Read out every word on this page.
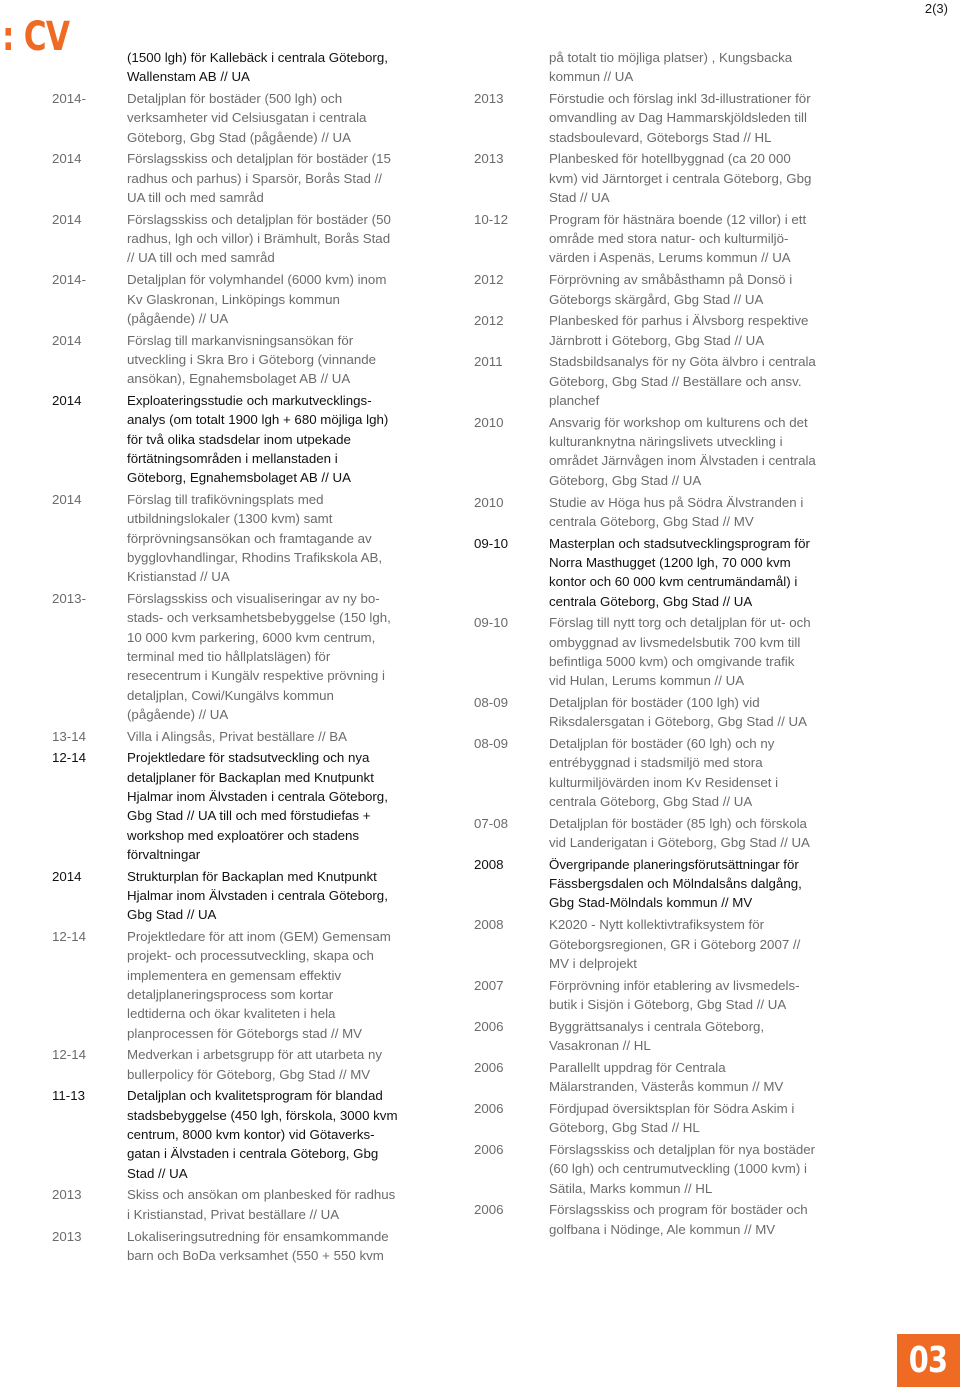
: CV
2(3)
(1500 lgh) för Kallebäck i centrala Göteborg,
Wallenstam AB // UA
2014-	Detaljplan för bostäder (500 lgh) och
verksamheter vid Celsiusgatan i centrala
Göteborg, Gbg Stad (pågående) // UA
2014	Förslagsskiss och detaljplan för bostäder (15
radhus och parhus) i Sparsör, Borås Stad //
UA till och med samråd
2014	Förslagsskiss och detaljplan för bostäder (50
radhus, lgh och villor) i Brämhult, Borås Stad
// UA till och med samråd
2014-	Detaljplan för volymhandel (6000 kvm) inom
Kv Glaskronan, Linköpings kommun
(pågående) // UA
2014	Förslag till markanvisningsansökan för
utveckling i Skra Bro i Göteborg (vinnande
ansökan), Egnahemsbolaget AB // UA
2014	Exploateringsstudie och markutvecklings-
analys (om totalt 1900 lgh + 680 möjliga lgh)
för två olika stadsdelar inom utpekade
förtätningsområden i mellanstaden i
Göteborg, Egnahemsbolaget AB // UA
2014	Förslag till trafikövningsplats med
utbildningslokaler (1300 kvm) samt
förprövningsansökan och framtagande av
bygglovhandlingar, Rhodins Trafikskola AB,
Kristianstad // UA
2013-	Förslagsskiss och visualiseringar av ny bo-
stads- och verksamhetsbebyggelse (150 lgh,
10 000 kvm parkering, 6000 kvm centrum,
terminal med tio hållplatslägen) för
resecentrum i Kungälv respektive prövning i
detaljplan, Cowi/Kungälvs kommun
(pågående) // UA
13-14	Villa i Alingsås, Privat beställare // BA
12-14	Projektledare för stadsutveckling och nya
detaljplaner för Backaplan med Knutpunkt
Hjalmar inom Älvstaden i centrala Göteborg,
Gbg Stad // UA till och med förstudiefas +
workshop med exploatörer och stadens
förvaltningar
2014	Strukturplan för Backaplan med Knutpunkt
Hjalmar inom Älvstaden i centrala Göteborg,
Gbg Stad // UA
12-14	Projektledare för att inom (GEM) Gemensam
projekt- och processutveckling, skapa och
implementera en gemensam effektiv
detaljplaneringsprocess som kortar
ledtiderna och ökar kvaliteten i hela
planprocessen för Göteborgs stad // MV
12-14	Medverkan i arbetsgrupp för att utarbeta ny
bullerpolicy för Göteborg, Gbg Stad // MV
11-13	Detaljplan och kvalitetsprogram för blandad
stadsbebyggelse (450 lgh, förskola, 3000 kvm
centrum, 8000 kvm kontor) vid Götaverks-
gatan i Älvstaden i centrala Göteborg, Gbg
Stad // UA
2013	Skiss och ansökan om planbesked för radhus
i Kristianstad, Privat beställare // UA
2013	Lokaliseringsutredning för ensamkommande
barn och BoDa verksamhet (550 + 550 kvm
på totalt tio möjliga platser) , Kungsbacka
kommun // UA
2013	Förstudie och förslag inkl 3d-illustrationer för
omvandling av Dag Hammarskjöldsleden till
stadsboulevard, Göteborgs Stad // HL
2013	Planbesked för hotellbyggnad (ca 20 000
kvm) vid Järntorget i centrala Göteborg, Gbg
Stad // UA
10-12	Program för hästnära boende (12 villor) i ett
område med stora natur- och kulturmiljö-
värden i Aspenäs, Lerums kommun // UA
2012	Förprövning av småbåsthamn på Donsö i
Göteborgs skärgård, Gbg Stad // UA
2012	Planbesked för parhus i Älvsborg respektive
Järnbrott i Göteborg, Gbg Stad // UA
2011	Stadsbildsanalys för ny Göta älvbro i centrala
Göteborg, Gbg Stad // Beställare och ansv.
planchef
2010	Ansvarig för workshop om kulturens och det
kulturanknytna näringslivets utveckling i
området Järnvågen inom Älvstaden i centrala
Göteborg, Gbg Stad // UA
2010	Studie av Höga hus på Södra Älvstranden i
centrala Göteborg, Gbg Stad // MV
09-10	Masterplan och stadsutvecklingsprogram för
Norra Masthugget (1200 lgh, 70 000 kvm
kontor och 60 000 kvm centrumändamål) i
centrala Göteborg, Gbg Stad // UA
09-10	Förslag till nytt torg och detaljplan för ut- och
ombyggnad av livsmedelsbutik 700 kvm till
befintliga 5000 kvm) och omgivande trafik
vid Hulan, Lerums kommun // UA
08-09	Detaljplan för bostäder (100 lgh) vid
Riksdalersgatan i Göteborg, Gbg Stad // UA
08-09	Detaljplan för bostäder (60 lgh) och ny
entrébyggnad i stadsmiljö med stora
kulturmiljövärden inom Kv Residenset i
centrala Göteborg, Gbg Stad // UA
07-08	Detaljplan för bostäder (85 lgh) och förskola
vid Landerigatan i Göteborg, Gbg Stad // UA
2008	Övergripande planeringsförutsättningar för
Fässbergsdalen och Mölndalsåns dalgång,
Gbg Stad-Mölndals kommun // MV
2008	K2020 - Nytt kollektivtrafiksystem för
Göteborgsregionen, GR i Göteborg 2007 //
MV i delprojekt
2007	Förprövning inför etablering av livsmedels-
butik i Sisjön i Göteborg, Gbg Stad // UA
2006	Byggrättsanalys i centrala Göteborg,
Vasakronan // HL
2006	Parallellt uppdrag för Centrala
Mälarstranden, Västerås kommun // MV
2006	Fördjupad översiktsplan för Södra Askim i
Göteborg, Gbg Stad // HL
2006	Förslagsskiss och detaljplan för nya bostäder
(60 lgh) och centrumutveckling (1000 kvm) i
Sätila, Marks kommun // HL
2006	Förslagsskiss och program för bostäder och
golfbana i Nödinge, Ale kommun // MV
03
